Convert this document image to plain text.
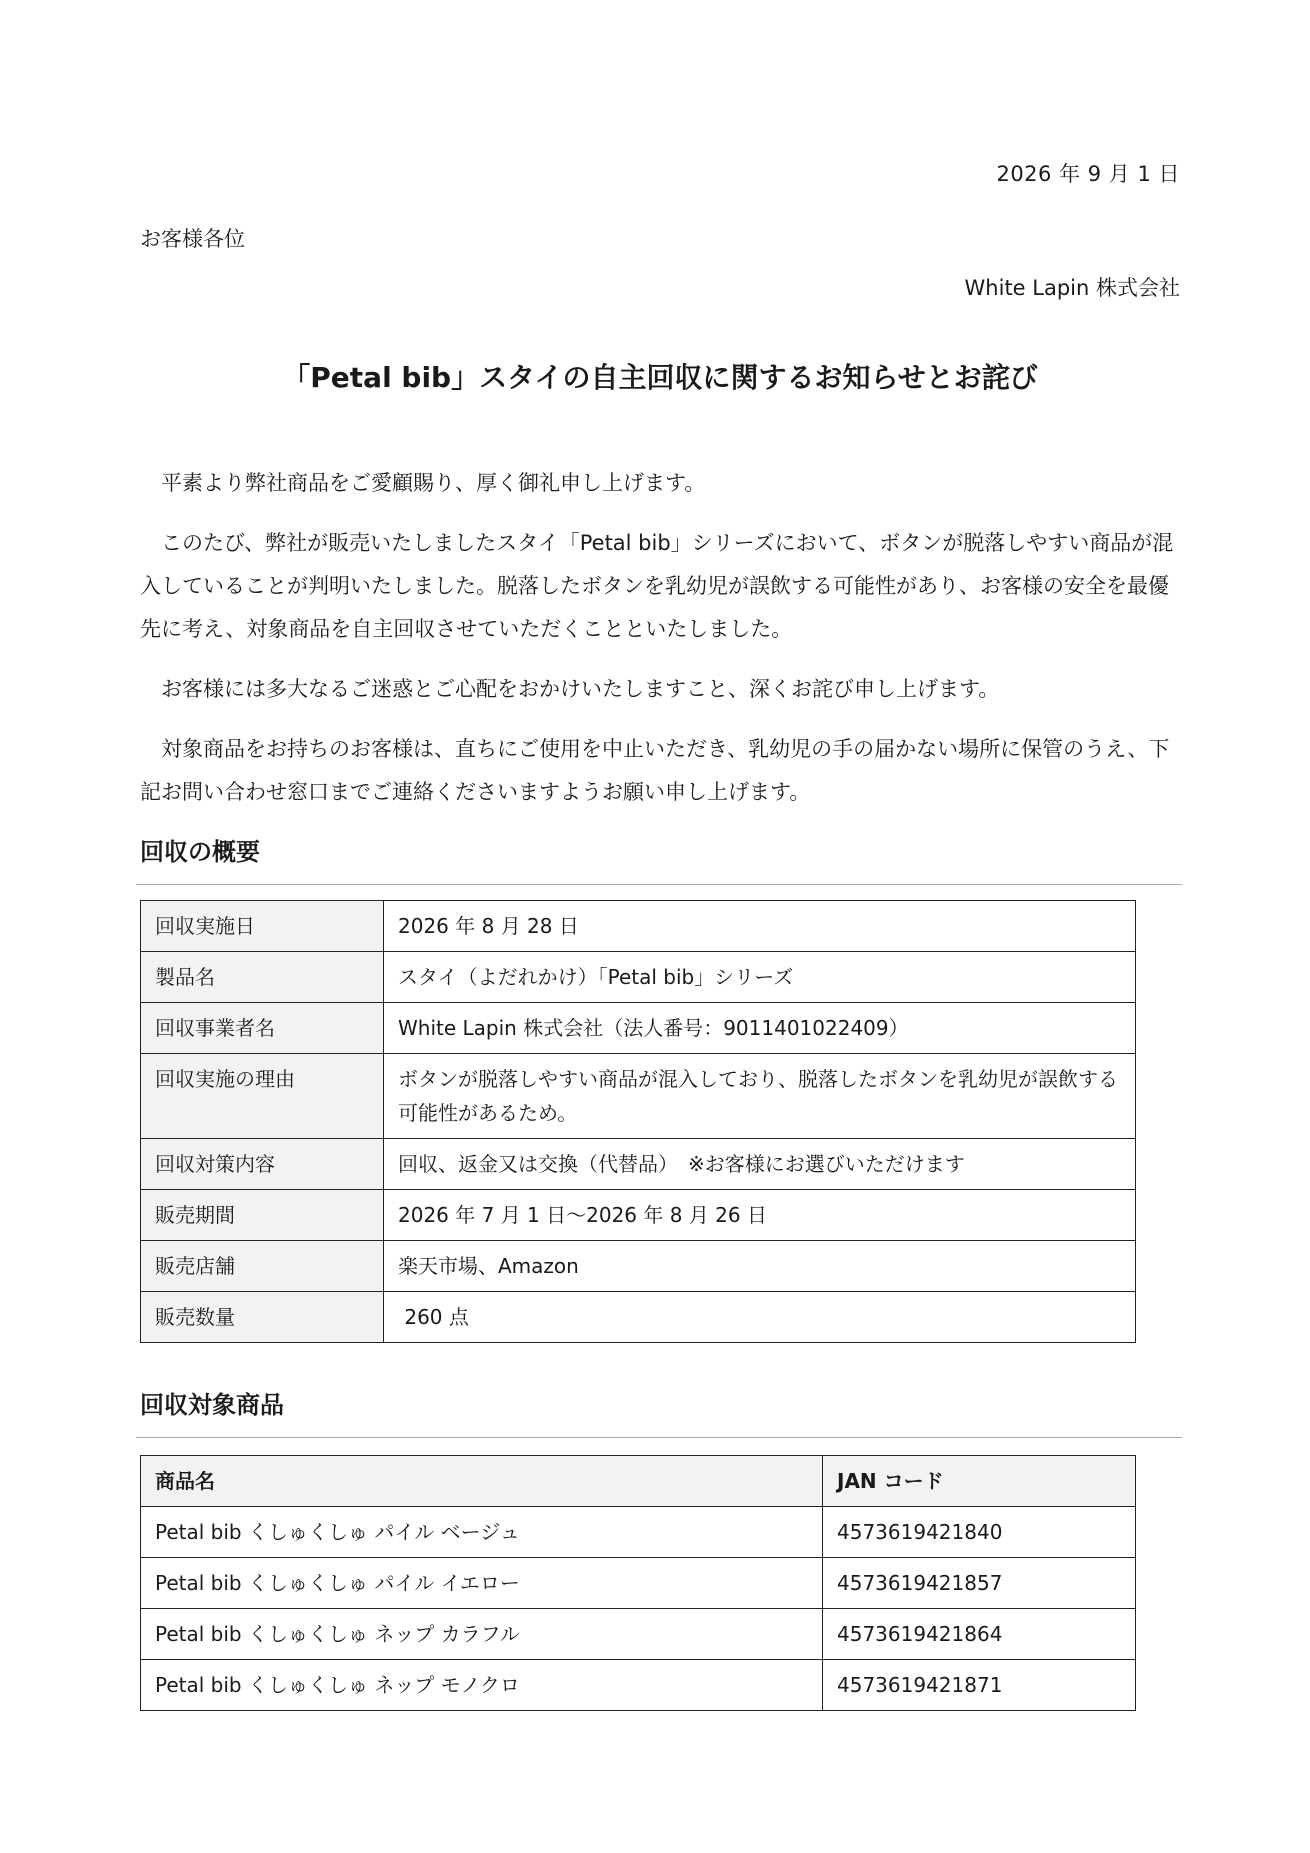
2026 年 9 月 1 日
お客様各位
White Lapin 株式会社
「Petal bib」スタイの自主回収に関するお知らせとお詫び

平素より弊社商品をご愛顧賜り、厚く御礼申し上げます。

このたび、弊社が販売いたしましたスタイ「Petal bib」シリーズにおいて、ボタンが脱落しやすい商品が混入していることが判明いたしました。脱落したボタンを乳幼児が誤飲する可能性があり、お客様の安全を最優先に考え、対象商品を自主回収させていただくことといたしました。

お客様には多大なるご迷惑とご心配をおかけいたしますこと、深くお詫び申し上げます。

対象商品をお持ちのお客様は、直ちにご使用を中止いただき、乳幼児の手の届かない場所に保管のうえ、下記お問い合わせ窓口までご連絡くださいますようお願い申し上げます。

回収の概要
回収実施日	2026 年 8 月 28 日
製品名	スタイ（よだれかけ）「Petal bib」シリーズ
回収事業者名	White Lapin 株式会社（法人番号：9011401022409）
回収実施の理由	ボタンが脱落しやすい商品が混入しており、脱落したボタンを乳幼児が誤飲する可能性があるため。
回収対策内容	回収、返金又は交換（代替品）　※お客様にお選びいただけます
販売期間	2026 年 7 月 1 日～2026 年 8 月 26 日
販売店舗	楽天市場、Amazon
販売数量	260 点
回収対象商品
商品名	JAN コード
Petal bib くしゅくしゅ パイル ベージュ	4573619421840
Petal bib くしゅくしゅ パイル イエロー	4573619421857
Petal bib くしゅくしゅ ネップ カラフル	4573619421864
Petal bib くしゅくしゅ ネップ モノクロ	4573619421871
